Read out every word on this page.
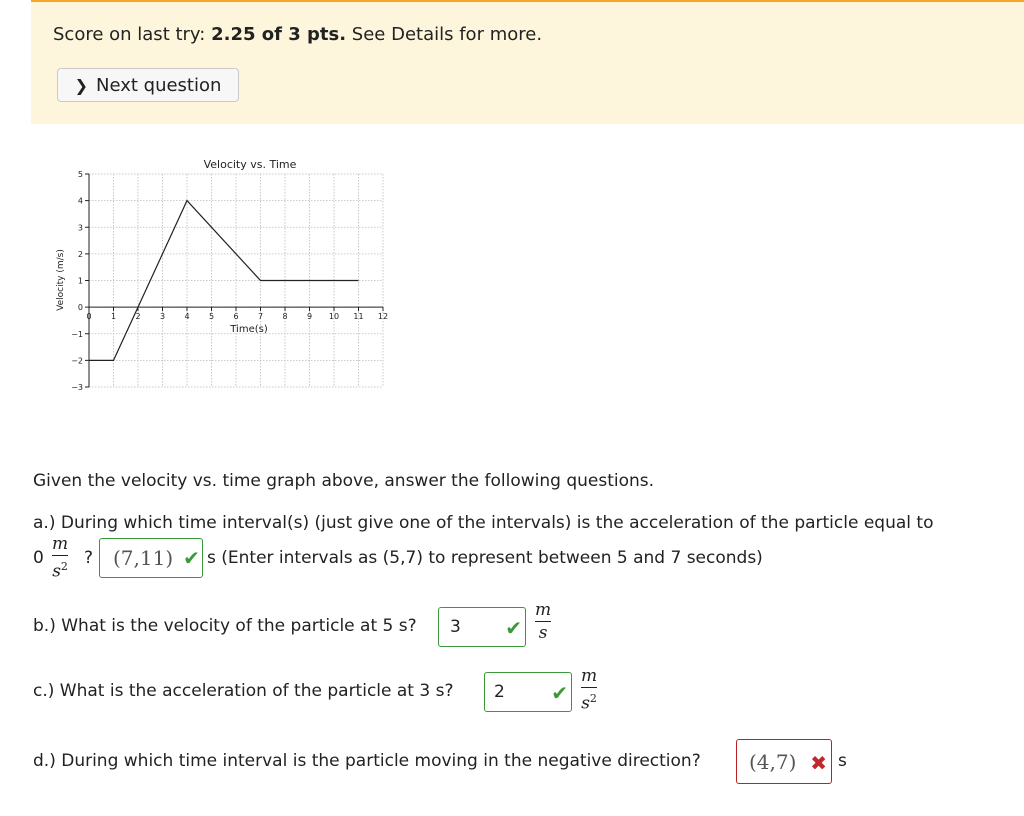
Score on last try: 2.25 of 3 pts. See Details for more.
❯ Next question
5
4
3
2
1
0
−1
−2
−3
0 1 2 3 4 5 6 7 8 9 10 11 12
Velocity vs. Time
Time(s)
Velocity (m/s)
Given the velocity vs. time graph above, answer the following questions.
a.) During which time interval(s) (just give one of the intervals) is the acceleration of the particle equal to
0
m
$s^2$ ? (7,11) ✔ s (Enter intervals as (5,7) to represent between 5 and 7 seconds)
b.) What is the velocity of the particle at 5 s? 3 ✔
m
s
c.) What is the acceleration of the particle at 3 s? 2 ✔
m
$s^2$
d.) During which time interval is the particle moving in the negative direction? (4,7) ✖ s
